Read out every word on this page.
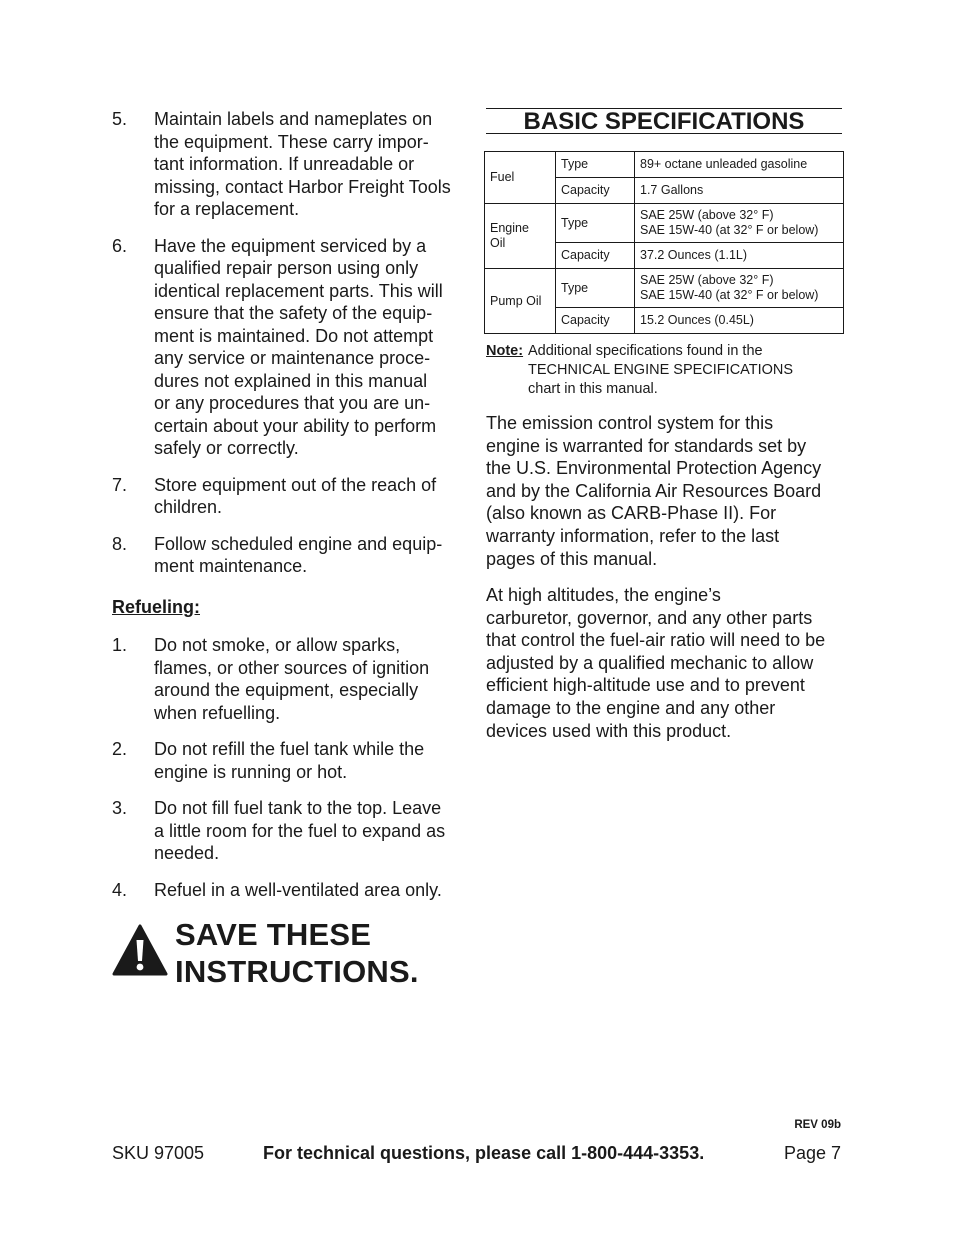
5. Maintain labels and nameplates on
the equipment. These carry impor-
tant information. If unreadable or
missing, contact Harbor Freight Tools
for a replacement.
6. Have the equipment serviced by a
qualified repair person using only
identical replacement parts. This will
ensure that the safety of the equip-
ment is maintained. Do not attempt
any service or maintenance proce-
dures not explained in this manual
or any procedures that you are un-
certain about your ability to perform
safely or correctly.
7. Store equipment out of the reach of
children.
8. Follow scheduled engine and equip-
ment maintenance.
Refueling:
1. Do not smoke, or allow sparks,
flames, or other sources of ignition
around the equipment, especially
when refuelling.
2. Do not refill the fuel tank while the
engine is running or hot.
3. Do not fill fuel tank to the top. Leave
a little room for the fuel to expand as
needed.
4. Refuel in a well-ventilated area only.
SAVE THESE
INSTRUCTIONS.
BASIC SPECIFICATIONS
Fuel	Type	89+ octane unleaded gasoline
	Capacity	1.7 Gallons
Engine
Oil	Type	SAE 25W (above 32° F)
SAE 15W-40 (at 32° F or below)
	Capacity	37.2 Ounces (1.1L)
Pump Oil	Type	SAE 25W (above 32° F)
SAE 15W-40 (at 32° F or below)
	Capacity	15.2 Ounces (0.45L)
Note: Additional specifications found in the
TECHNICAL ENGINE SPECIFICATIONS
chart in this manual.
The emission control system for this
engine is warranted for standards set by
the U.S. Environmental Protection Agency
and by the California Air Resources Board
(also known as CARB-Phase II). For
warranty information, refer to the last
pages of this manual.
At high altitudes, the engine’s
carburetor, governor, and any other parts
that control the fuel-air ratio will need to be
adjusted by a qualified mechanic to allow
efficient high-altitude use and to prevent
damage to the engine and any other
devices used with this product.
REV 09b
SKU 97005	For technical questions, please call 1-800-444-3353.	Page 7
